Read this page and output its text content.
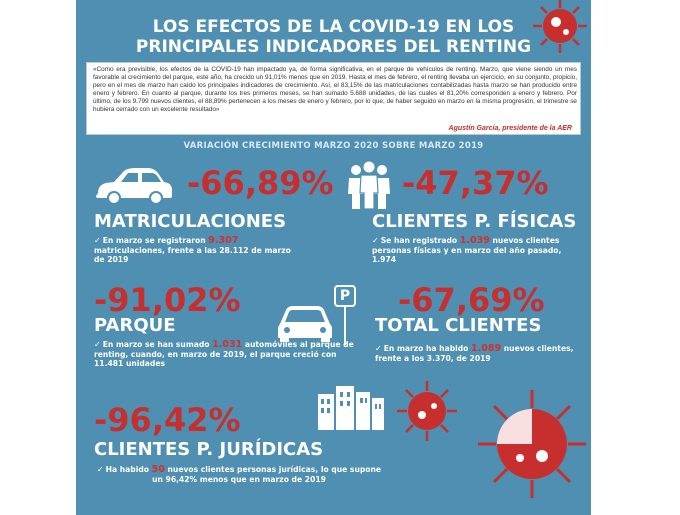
LOS EFECTOS DE LA COVID-19 EN LOS
PRINCIPALES INDICADORES DEL RENTING
«Como era previsible, los efectos de la COVID-19 han impactado ya, de forma significativa, en el parque de vehículos de renting. Marzo, que viene siendo un mes favorable al crecimiento del parque, este año, ha crecido un 91,01% menos que en 2019. Hasta el mes de febrero, el renting llevaba un ejercicio, en su conjunto, propicio, pero en el mes de marzo han caído los principales indicadores de crecimiento. Así, el 83,15% de las matriculaciones contabilizadas hasta marzo se han producido entre enero y febrero. En cuanto al parque, durante los tres primeros meses, se han sumado 5.688 unidades, de las cuales el 81,20% corresponden a enero y febrero. Por último, de los 9.799 nuevos clientes, el 88,89% pertenecen a los meses de enero y febrero, por lo que, de haber seguido en marzo en la misma progresión, el trimestre se hubiera cerrado con un excelente resultado»
Agustín García, presidente de la AER
VARIACIÓN CRECIMIENTO MARZO 2020 SOBRE MARZO 2019
-66,89%
MATRICULACIONES
✓ En marzo se registraron 9.307 matriculaciones, frente a las 28.112 de marzo de 2019
-47,37%
CLIENTES P. FÍSICAS
✓ Se han registrado 1.039 nuevos clientes personas físicas y en marzo del año pasado, 1.974
-91,02%
PARQUE
P
✓ En marzo se han sumado 1.031 automóviles al parque de renting, cuando, en marzo de 2019, el parque creció con 11.481 unidades
-67,69%
TOTAL CLIENTES
✓ En marzo ha habido 1.089 nuevos clientes, frente a los 3.370, de 2019
-96,42%
CLIENTES P. JURÍDICAS
✓ Ha habido 50 nuevos clientes personas jurídicas, lo que supone un 96,42% menos que en marzo de 2019
